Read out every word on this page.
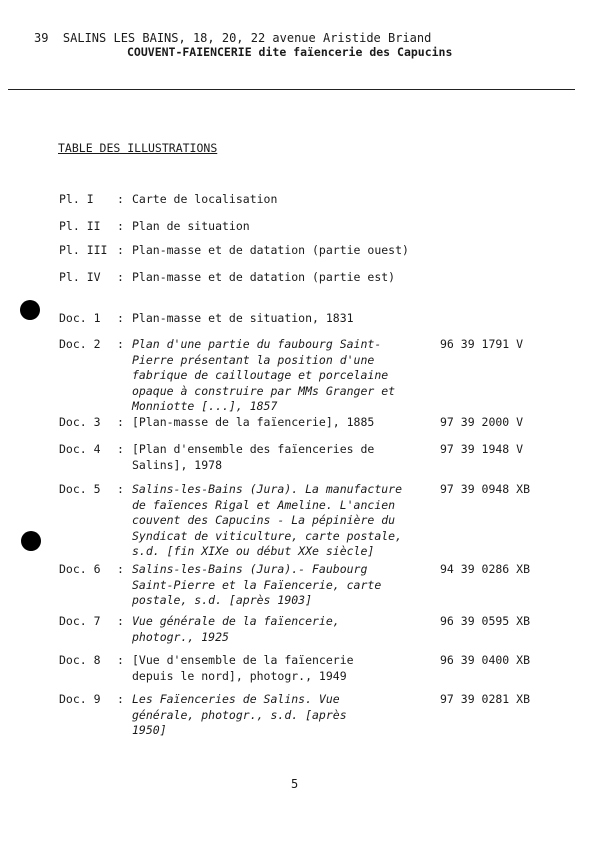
39  SALINS LES BAINS, 18, 20, 22 avenue Aristide Briand
COUVENT-FAIENCERIE dite faïencerie des Capucins
TABLE DES ILLUSTRATIONS
Pl. I : Carte de localisation
Pl. II : Plan de situation
Pl. III : Plan-masse et de datation (partie ouest)
Pl. IV : Plan-masse et de datation (partie est)
Doc. 1 : Plan-masse et de situation, 1831
Doc. 2 : Plan d'une partie du faubourg Saint-Pierre présentant la position d'une fabrique de cailloutage et porcelaine opaque à construire par MMs Granger et Monniotte [...], 1857
96 39 1791 V
Doc. 3 : [Plan-masse de la faïencerie], 1885	97 39 2000 V
Doc. 4 : [Plan d'ensemble des faïenceries de Salins], 1978
97 39 1948 V
Doc. 5 : Salins-les-Bains (Jura). La manufacture de faïences Rigal et Ameline. L'ancien couvent des Capucins - La pépinière du Syndicat de viticulture, carte postale, s.d. [fin XIXe ou début XXe siècle]
97 39 0948 XB
Doc. 6 : Salins-les-Bains (Jura).- Faubourg Saint-Pierre et la Faïencerie, carte postale, s.d. [après 1903]
94 39 0286 XB
Doc. 7 : Vue générale de la faïencerie, photogr., 1925
96 39 0595 XB
Doc. 8 : [Vue d'ensemble de la faïencerie depuis le nord], photogr., 1949
96 39 0400 XB
Doc. 9 : Les Faïenceries de Salins. Vue générale, photogr., s.d. [après 1950]
97 39 0281 XB
5
